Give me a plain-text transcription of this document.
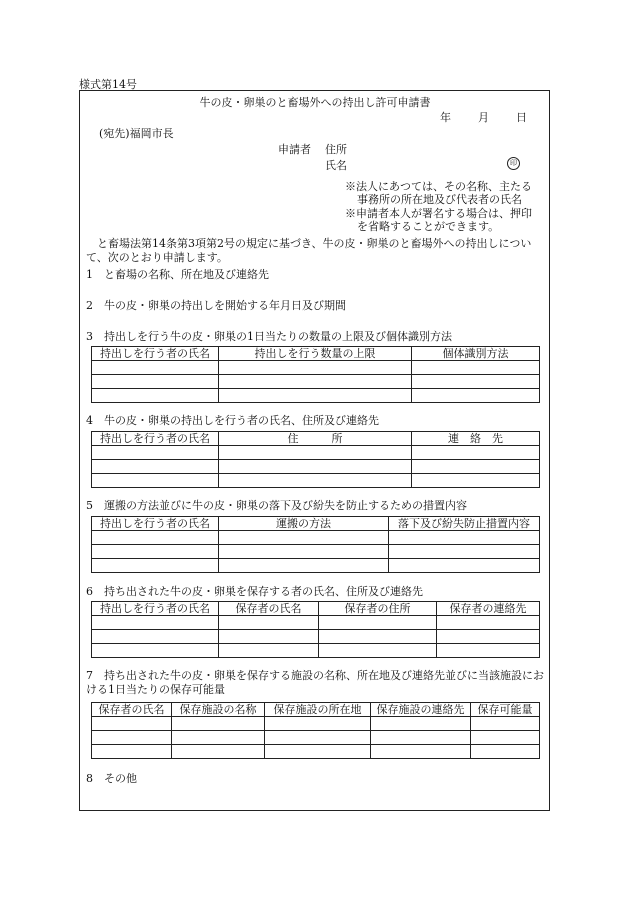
様式第14号
牛の皮・卵巣のと畜場外への持出し許可申請書
年 月 日
(宛先)福岡市長
申請者 住所
氏名	印
※法人にあつては、その名称、主たる
事務所の所在地及び代表者の氏名
※申請者本人が署名する場合は、押印
を省略することができます。
と畜場法第14条第3項第2号の規定に基づき、牛の皮・卵巣のと畜場外への持出しについて、次のとおり申請します。
1　と畜場の名称、所在地及び連絡先
2　牛の皮・卵巣の持出しを開始する年月日及び期間
3　持出しを行う牛の皮・卵巣の1日当たりの数量の上限及び個体識別方法
持出しを行う者の氏名	持出しを行う数量の上限	個体識別方法

4　牛の皮・卵巣の持出しを行う者の氏名、住所及び連絡先
持出しを行う者の氏名	住　　　所	連　絡　先

5　運搬の方法並びに牛の皮・卵巣の落下及び紛失を防止するための措置内容
持出しを行う者の氏名	運搬の方法	落下及び紛失防止措置内容

6　持ち出された牛の皮・卵巣を保存する者の氏名、住所及び連絡先
持出しを行う者の氏名	保存者の氏名	保存者の住所	保存者の連絡先

7　持ち出された牛の皮・卵巣を保存する施設の名称、所在地及び連絡先並びに当該施設における1日当たりの保存可能量
保存者の氏名	保存施設の名称	保存施設の所在地	保存施設の連絡先	保存可能量

8　その他
